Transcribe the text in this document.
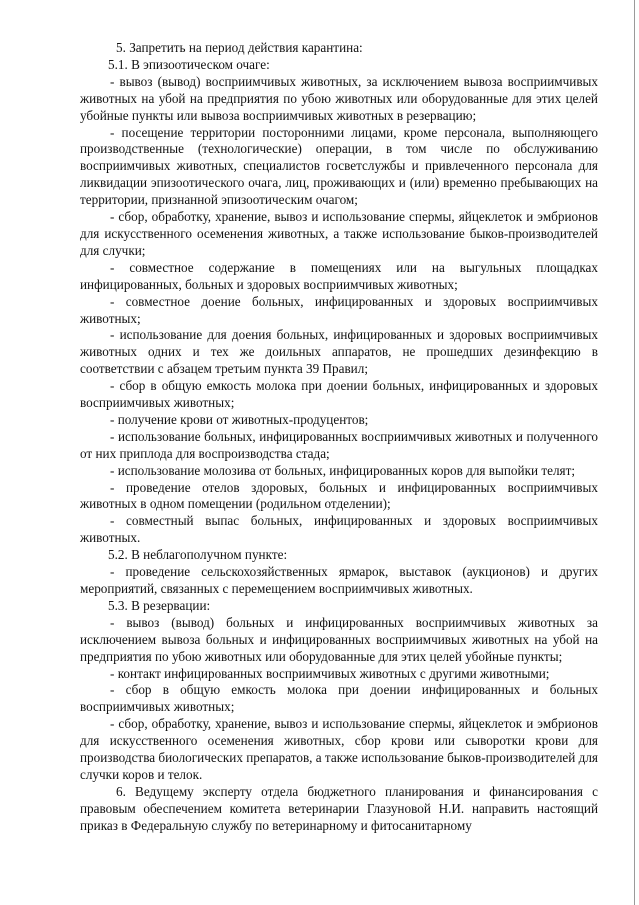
5. Запретить на период действия карантина:

5.1. В эпизоотическом очаге:

- вывоз (вывод) восприимчивых животных, за исключением вывоза восприимчивых животных на убой на предприятия по убою животных или оборудованные для этих целей убойные пункты или вывоза восприимчивых животных в резервацию;

- посещение территории посторонними лицами, кроме персонала, выполняющего производственные (технологические) операции, в том числе по обслуживанию восприимчивых животных, специалистов госветслужбы и привлеченного персонала для ликвидации эпизоотического очага, лиц, проживающих и (или) временно пребывающих на территории, признанной эпизоотическим очагом;

- сбор, обработку, хранение, вывоз и использование спермы, яйцеклеток и эмбрионов для искусственного осеменения животных, а также использование быков-производителей для случки;

- совместное содержание в помещениях или на выгульных площадках инфицированных, больных и здоровых восприимчивых животных;

- совместное доение больных, инфицированных и здоровых восприимчивых животных;

- использование для доения больных, инфицированных и здоровых восприимчивых животных одних и тех же доильных аппаратов, не прошедших дезинфекцию в соответствии с абзацем третьим пункта 39 Правил;

- сбор в общую емкость молока при доении больных, инфицированных и здоровых восприимчивых животных;

- получение крови от животных-продуцентов;

- использование больных, инфицированных восприимчивых животных и полученного от них приплода для воспроизводства стада;

- использование молозива от больных, инфицированных коров для выпойки телят;

- проведение отелов здоровых, больных и инфицированных восприимчивых животных в одном помещении (родильном отделении);

- совместный выпас больных, инфицированных и здоровых восприимчивых животных.

5.2. В неблагополучном пункте:

- проведение сельскохозяйственных ярмарок, выставок (аукционов) и других мероприятий, связанных с перемещением восприимчивых животных.

5.3. В резервации:

- вывоз (вывод) больных и инфицированных восприимчивых животных за исключением вывоза больных и инфицированных восприимчивых животных на убой на предприятия по убою животных или оборудованные для этих целей убойные пункты;

- контакт инфицированных восприимчивых животных с другими животными;

- сбор в общую емкость молока при доении инфицированных и больных восприимчивых животных;

- сбор, обработку, хранение, вывоз и использование спермы, яйцеклеток и эмбрионов для искусственного осеменения животных, сбор крови или сыворотки крови для производства биологических препаратов, а также использование быков-производителей для случки коров и телок.

6. Ведущему эксперту отдела бюджетного планирования и финансирования с правовым обеспечением комитета ветеринарии Глазуновой Н.И. направить настоящий приказ в Федеральную службу по ветеринарному и фитосанитарному
